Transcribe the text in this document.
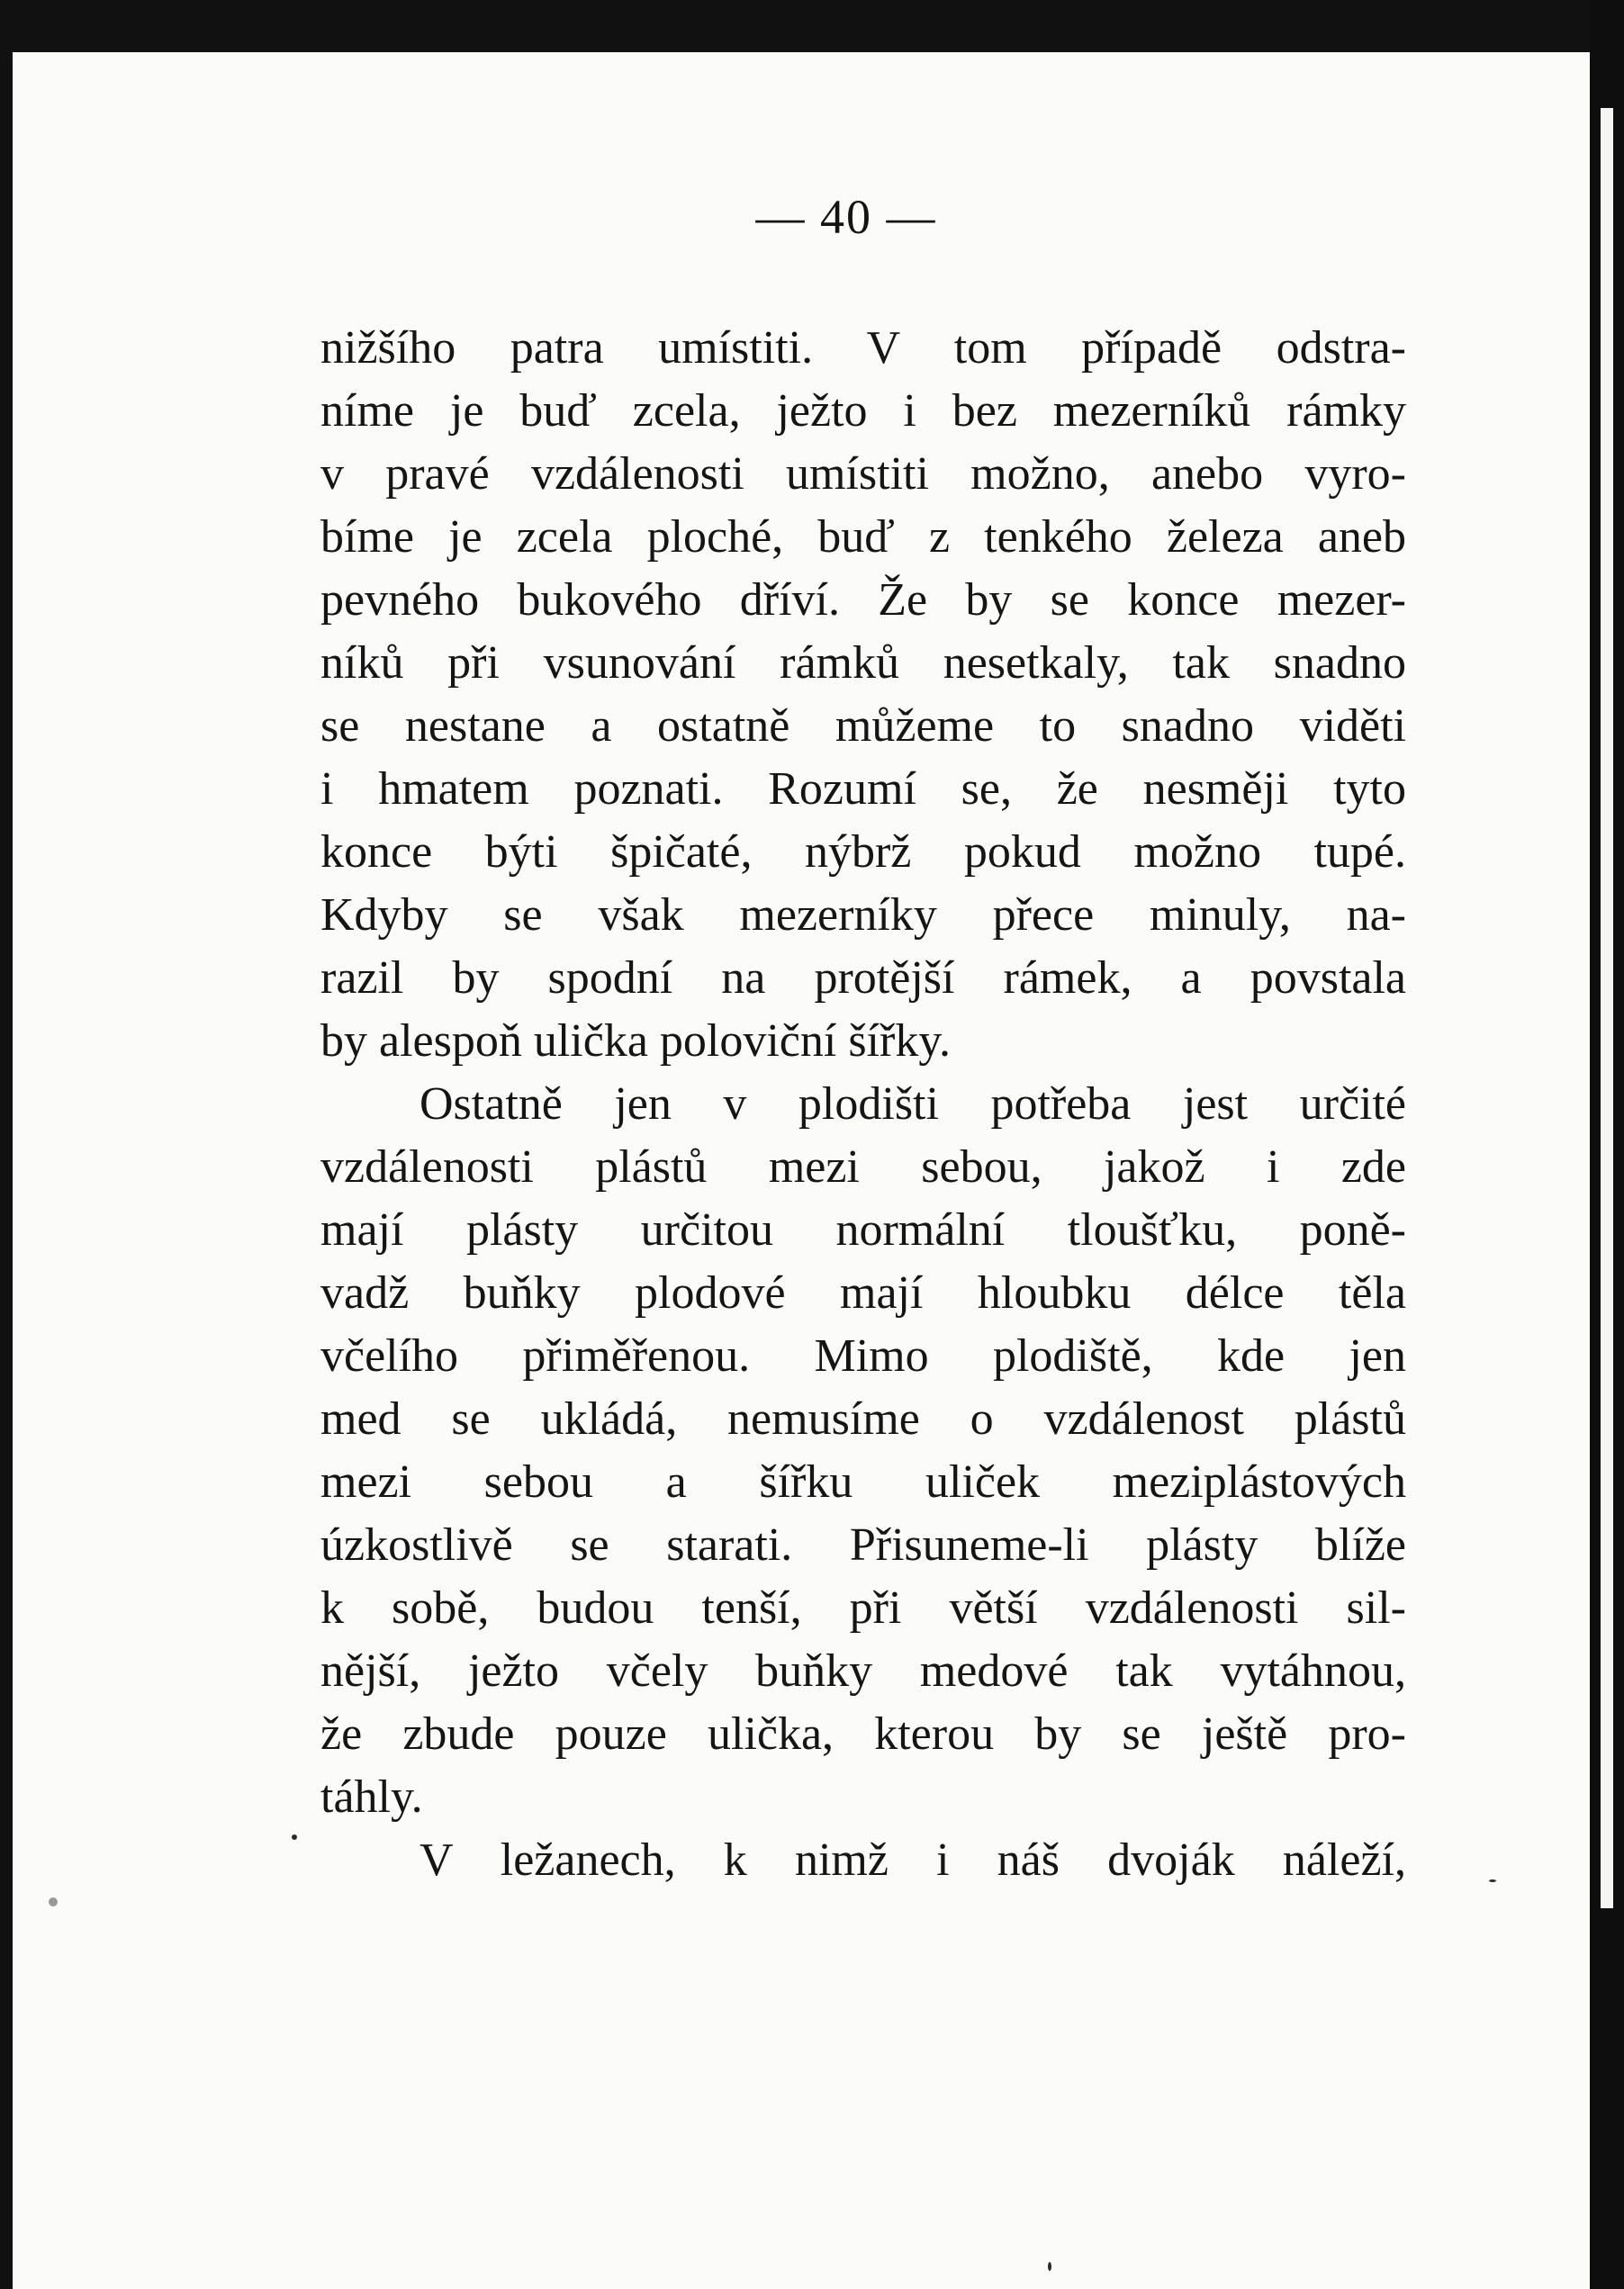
— 40 —
nižšího patra umístiti. V tom případě odstra-
níme je buď zcela, ježto i bez mezerníků rámky
v pravé vzdálenosti umístiti možno, anebo vyro-
bíme je zcela ploché, buď z tenkého železa aneb
pevného bukového dříví. Že by se konce mezer-
níků při vsunování rámků nesetkaly, tak snadno
se nestane a ostatně můžeme to snadno viděti
i hmatem poznati. Rozumí se, že nesměji tyto
konce býti špičaté, nýbrž pokud možno tupé.
Kdyby se však mezerníky přece minuly, na-
razil by spodní na protější rámek, a povstala
by alespoň ulička poloviční šířky.
Ostatně jen v plodišti potřeba jest určité
vzdálenosti plástů mezi sebou, jakož i zde
mají plásty určitou normální tloušťku, poně-
vadž buňky plodové mají hloubku délce těla
včelího přiměřenou. Mimo plodiště, kde jen
med se ukládá, nemusíme o vzdálenost plástů
mezi sebou a šířku uliček meziplástových
úzkostlivě se starati. Přisuneme-li plásty blíže
k sobě, budou tenší, při větší vzdálenosti sil-
nější, ježto včely buňky medové tak vytáhnou,
že zbude pouze ulička, kterou by se ještě pro-
táhly.
V ležanech, k nimž i náš dvoják náleží,
